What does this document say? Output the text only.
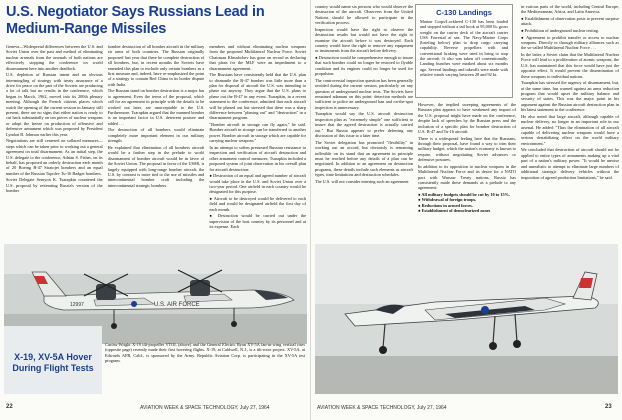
U.S. Negotiator Says Russians Lead in Medium-Range Missiles

Geneva—Widespread differences between the U.S. and Soviet Union over the past and method of eliminating nuclear arsenals from the arsenals of both nations are effectively stopping the conference on world disarmament here into another deadlock.

U.S. depletion of Russian intent and an obvious intermingling of strategy with treaty assurance of a drive for peace on the part of the Soviets are producing a lot of talk but no results in the conference, which began in March, 1962, moved into its 200th plenary meeting. Although the French citizens places which watch the opening of the current session in January still present, there are no signs that either nation is ready to cut back substantially on ten pieces of nuclear weapons or adopt the freeze on production of offensive and defensive armament which was proposed by President Lyndon B. Johnson earlier this year.

Negotiations are still centered on sollared measures—steps which can be taken prior to working out a general agreement on total disarmament. As an initial step, the U.S. delegate to the conference, Adrian S. Fisher, on its behalf, has proposed an orderly destruction each month of 20 Boeing B-47 Stratojet bombers and an equal number of the Russian Tupolev Tu-16 Badger bombers.

Soviet Delegate Semyon K. Tsarapkin countered the U.S. proposal by reiterating Russia's version of the bomber

bomber destruction of all bomber aircraft in the military air arms of both countries. The Russian originally proposed last year that there be complete destruction of all bombers, but, in recent months the Soviets have amended this plan to exclude only certain bombers as a first measure and, indeed, have re-emphasized the point of a strategy to contain Red China in its border dispute with India.

The Russian stand on bomber destruction is a major bar to agreement. Even the terms of the proposal, which call for an agreement in principle with the details to be worked out later, are unacceptable to the U.S. Furthermore, Tsarapkin argued that the manned bomber is an important factor in U.S. deterrent posture and added . . .

The destruction of all bombers would eliminate completely more important element in our military strength.

He explained that elimination of all bombers aircraft would be a further step in the prelude to world disarmament of bomber aircraft would be in favor of the Soviet Union. The proposal in favor of the USSR, is largely equipped with long-range bomber aircraft, the U.S. by contrast is more tied to the use of missiles and intercontinental bomber craft including the intercontinental strategic bombers.

members and without eliminating nuclear weapons from the proposed Multilateral Nuclear Force. Soviet Chairman Khrushchev has gone on record as declaring that plans for the MLF were an impediment to a disarmament agreement.

The Russians have consistently held that the U.S. plan to dismantle the B-47 bomber was little more than a plan for disposal of aircraft the U.S. was intending to phase out anyway. They argue that the U.S. plans to phase out the B-47 in any event. Tsarapkin, in a recent statement to the conference, admitted that each aircraft will be phased out but stressed that there was a sharp difference between "phasing out" and "destruction" in a disarmament program.

"Bomber aircraft in storage can fly again," he said. Bomber aircraft in storage can be transferred to another power. Bomber aircraft in storage which are capable for carrying nuclear weapons."

In an attempt to soften presumed Russian resistance to inspection and verification of aircraft destruction and other armament control measures, Tsarapkin included a proposed system of joint observation in his overall plan for aircraft destruction:

● Destruction of an equal and agreed number of aircraft would take place in the U.S. and Soviet Union over a two-year period. One airfield in each country would be designated for this purpose.

● Aircraft to be destroyed would be delivered to each field and would be designated airfield the first day of each month.

● Destruction would be carried out under the supervision of the host country by its personnel and at its expense. Each

U.S. AIR FORCE
12997
X-19, XV-5A Hover During Flight Tests
Curtiss-Wright X-19 tilt-propeller VTOL (above) and the General Electric Ryan XV-5A fan-in-wing vertical rises (opposite page) recently made their first hovering flights. X-19, at Caldwell, N.J., is a tilt-rotor project. XV-5A, at Edwards AFB, Calif., is sponsored by the Army. Republic Aviation Corp. is participating in the XV-5A test program.
22	AVIATION WEEK & SPACE TECHNOLOGY, July 27, 1964

country would name six persons who would observe the destruction of the aircraft. Observers from the United Nations should be allowed to participate in the verification process.

Inspection would have the right to observe the destruction results but would not have the right to examine the aircraft before it was destroyed. Each country would have the right to remove any equipment or instruments from the aircraft before delivery.

● Destruction would be comprehensive enough to insure that such bomber could no longer be restored to flyable condition and its engines could no longer be used for propulsion.

The controversial inspection question has been generally avoided during the current session, particularly on any question of underground nuclear tests. The Soviets have remained adamant on this point: detection methods are sufficient to police an underground ban and on-the-spot inspection is unnecessary.

Tsarapkin would say the U.S. aircraft destruction inspection plan as "extremely simple" one sufficient to insure that the agreed destruction is actually carried out." But Russia appears to prefer deferring any discussion of this issue to a later time.

The Soviet delegation has promoted "flexibility" in working out an accord, but obviously is remaining inflexible on its stand that an agreement in principle must be reached before any details of a plan can be negotiated. In addition to an agreement on destruction programs, these details include such elements as aircraft types, time limitations and destruction schedules.

The U.S. will not consider entering such an agreement

However, the implied sweeping agreements of the Russian plan appears to have weakened any impact of the U.S. proposal might have made on the conference, despite lack of speeches by the Russian press and the inclusion of a specific plan for bomber destruction of U.S. B-47 and Tu-16 aircraft.

There is a widespread feeling here that the Russians, through their proposal, have found a way to trim their military budget, which the nation's economy is known to require, without negotiating Soviet advances or defensive postures.

In addition to its opposition to nuclear weapons in the Multilateral Nuclear Force and its desire for a NATO pact with Warsaw Treaty nations, Russia has consistently made these demands as a prelude to any agreement:

● All military budgets should be cut by 10 to 15%.
● Withdrawal of foreign troops.
● Reductions in armed forces.
● Establishment of denuclearized zones

in various parts of the world, including Central Europe, the Mediterranean, Africa, and Latin America.

● Establishment of observation posts to prevent surprise attack.

● Prohibition of underground nuclear testing.

● Agreement to prohibit transfer or access to nuclear weapons. Directly or through military alliances such as the so-called Multilateral Nuclear Force . . .

In the latter, a Soviet claim that the Multilateral Nuclear Force will lead to a proliferation of atomic weapons, the U.S. has maintained that this force would have just the opposite effect. It would prevent the dissemination of these weapons to individual nations.

Tsarapkin has stressed the urgency of disarmament, but, at the same time, has warned against an arms reduction program that would upset the military balance and security of states. This was the major point in his argument against the Russian aircraft destruction plan in his latest statement to the conference.

He also noted that large aircraft, although capable of nuclear delivery, no longer in an important role in our arsenal. He added: "Thus the elimination of all aircraft capable of delivering nuclear weapons would have a serious destabilizing effect on the world military environment."

We concluded that destruction of aircraft should not be applied to entire types of armaments making up a vital part of a nation's military power. "It would be unwise and unrealistic to attempt to eliminate large numbers of additional strategic delivery vehicles without the imposition of agreed production limitations," he said.

C-130 Landings
Marine Corps/Lockheed C-130 has been loaded and stopped without a tail hook at 95,000 lb. gross weight on the carrier deck of the aircraft carrier USS Forrestal at sea. The Navy/Marine Corps (briefing below) plan to drop cargo carrying capability. Reverse propellers with and conventional braking were used in bring to stop the aircraft. It also was taken off conventionally. Landing bunches were marked about six months ago. Several landings and takeoffs were made with relative winds varying between 28 and 92 kt.
AVIATION WEEK & SPACE TECHNOLOGY, July 27, 1964	23
